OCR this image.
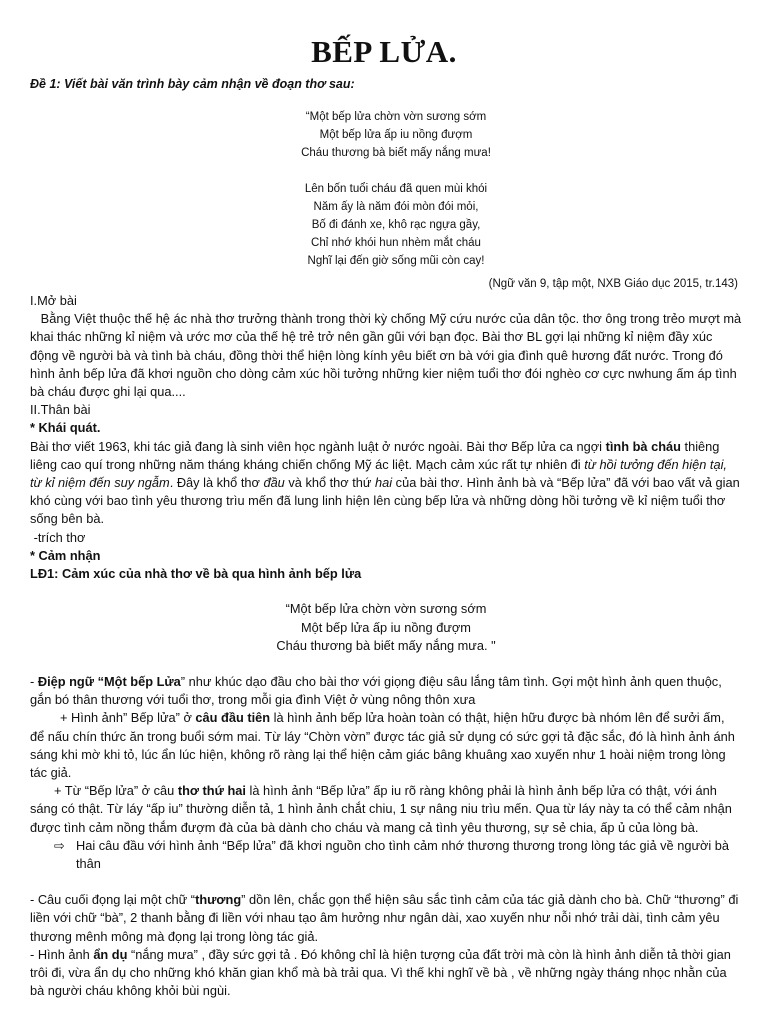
BẾP LỬA.

Đề 1: Viết bài văn trình bày cảm nhận về đoạn thơ sau:

“Một bếp lửa chờn vờn sương sớm
Một bếp lửa ấp iu nồng đượm
Cháu thương bà biết mấy nắng mưa!
Lên bốn tuổi cháu đã quen mùi khói
Năm ấy là năm đói mòn đói mỏi,
Bố đi đánh xe, khô rạc ngựa gầy,
Chỉ nhớ khói hun nhèm mắt cháu
Nghĩ lại đến giờ sống mũi còn cay!

(Ngữ văn 9, tập một, NXB Giáo dục 2015, tr.143)

I.Mở bài

Bằng Việt thuộc thế hệ ác nhà thơ trưởng thành trong thời kỳ chống Mỹ cứu nước của dân tộc. thơ ông trong trẻo mượt mà khai thác những kỉ niệm và ước mơ của thế hệ trẻ trở nên gần gũi với bạn đọc. Bài thơ BL gợi lại những kỉ niệm đầy xúc động về người bà và tình bà cháu, đồng thời thể hiện lòng kính yêu biết ơn bà với gia đình quê hương đất nước. Trong đó hình ảnh bếp lửa đã khơi nguồn cho dòng cảm xúc hồi tưởng những kier niệm tuổi thơ đói nghèo cơ cực nwhung ấm áp tình bà cháu được ghi lại qua....

II.Thân bài

* Khái quát.

Bài thơ viết 1963, khi tác giả đang là sinh viên học ngành luật ở nước ngoài. Bài thơ Bếp lửa ca ngợi tình bà cháu thiêng liêng cao quí trong những năm tháng kháng chiến chống Mỹ ác liệt. Mạch cảm xúc rất tự nhiên đi từ hồi tưởng đến hiện tại, từ kỉ niệm đến suy ngẫm. Đây là khổ thơ đầu và khổ thơ thứ hai của bài thơ. Hình ảnh bà và “Bếp lửa” đã với bao vất vả gian khó cùng với bao tình yêu thương trìu mến đã lung linh hiện lên cùng bếp lửa và những dòng hồi tưởng về kỉ niệm tuổi thơ sống bên bà.

-trích thơ

* Cảm nhận

LĐ1: Cảm xúc của nhà thơ về bà qua hình ảnh bếp lửa

“Một bếp lửa chờn vờn sương sớm
Một bếp lửa ấp iu nồng đượm
Cháu thương bà biết mấy nắng mưa. "

- Điệp ngữ “Một bếp Lửa” như khúc dạo đầu cho bài thơ với giọng điệu sâu lắng tâm tình. Gợi một hình ảnh quen thuộc, gắn bó thân thương với tuổi thơ, trong mỗi gia đình Việt ở vùng nông thôn xưa

+ Hình ảnh” Bếp lửa” ở câu đầu tiên là hình ảnh bếp lửa hoàn toàn có thật, hiện hữu được bà nhóm lên để sưởi ấm, để nấu chín thức ăn trong buổi sớm mai. Từ láy “Chờn vờn” được tác giả sử dụng có sức gợi tả đặc sắc, đó là hình ảnh ánh sáng khi mờ khi tỏ, lúc ẩn lúc hiện, không rõ ràng lại thể hiện cảm giác bâng khuâng xao xuyến như 1 hoài niệm trong lòng tác giả.

+ Từ “Bếp lửa” ở câu thơ thứ hai là hình ảnh “Bếp lửa” ấp iu rõ ràng không phải là hình ảnh bếp lửa có thật, với ánh sáng có thật. Từ láy “ấp iu” thường diễn tả, 1 hình ảnh chắt chiu, 1 sự nâng niu trìu mến. Qua từ láy này ta có thể cảm nhận được tình cảm nồng thắm đượm đà của bà dành cho cháu và mang cả tình yêu thương, sự sẻ chia, ấp ủ của lòng bà.

⇨ Hai câu đầu với hình ảnh “Bếp lửa” đã khơi nguồn cho tình cảm nhớ thương thương trong lòng tác giả về người bà thân

- Câu cuối đọng lại một chữ “thương” dồn lên, chắc gọn thể hiện sâu sắc tình cảm của tác giả dành cho bà. Chữ “thương” đi liền với chữ “bà”, 2 thanh bằng đi liền với nhau tạo âm hưởng như ngân dài, xao xuyến như nỗi nhớ trải dài, tình cảm yêu thương mênh mông mà đọng lại trong lòng tác giả.

- Hình ảnh ẩn dụ “nắng mưa” , đầy sức gợi tả . Đó không chỉ là hiện tượng của đất trời mà còn là hình ảnh diễn tả thời gian trôi đi, vừa ẩn dụ cho những khó khăn gian khổ mà bà trải qua. Vì thế khi nghĩ về bà , về những ngày tháng nhọc nhằn của bà người cháu không khỏi bùi ngùi.
